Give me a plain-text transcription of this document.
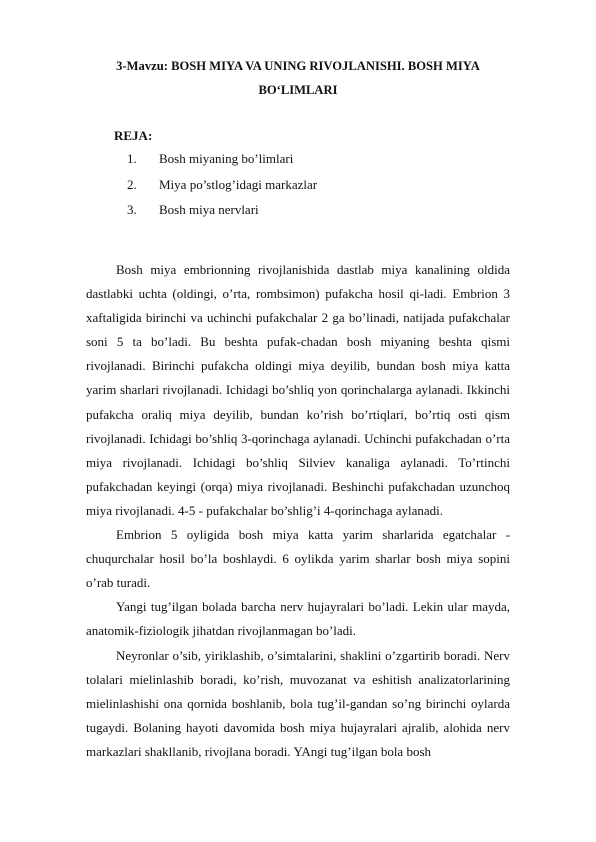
3-Mavzu: BOSH MIYA VA UNING RIVOJLANISHI. BOSH MIYA
BO‘LIMLARI
REJA:
1. Bosh miyaning bo’limlari
2. Miya po’stlog’idagi markazlar
3. Bosh miya nervlari

Bosh miya embrionning rivojlanishida dastlab miya kanalining oldida dastlabki uchta (oldingi, o’rta, rombsimon) pufakcha hosil qi-ladi. Embrion 3 xaftaligida birinchi va uchinchi pufakchalar 2 ga bo’linadi, natijada pufakchalar soni 5 ta bo’ladi. Bu beshta pufak-chadan bosh miyaning beshta qismi rivojlanadi. Birinchi pufakcha oldingi miya deyilib, bundan bosh miya katta yarim sharlari rivojlanadi. Ichidagi bo’shliq yon qorinchalarga aylanadi. Ikkinchi pufakcha oraliq miya deyilib, bundan ko’rish bo’rtiqlari, bo’rtiq osti qism rivojlanadi. Ichidagi bo’shliq 3-qorinchaga aylanadi. Uchinchi pufakchadan o’rta miya rivojlanadi. Ichidagi bo’shliq Silviev kanaliga aylanadi. To’rtinchi pufakchadan keyingi (orqa) miya rivojlanadi. Beshinchi pufakchadan uzunchoq miya rivojlanadi. 4-5 - pufakchalar bo’shlig’i 4-qorinchaga aylanadi.

Embrion 5 oyligida bosh miya katta yarim sharlarida egatchalar - chuqurchalar hosil bo’la boshlaydi. 6 oylikda yarim sharlar bosh miya sopini o’rab turadi.

Yangi tug’ilgan bolada barcha nerv hujayralari bo’ladi. Lekin ular mayda, anatomik-fiziologik jihatdan rivojlanmagan bo’ladi.

Neyronlar o’sib, yiriklashib, o’simtalarini, shaklini o’zgartirib boradi. Nerv tolalari mielinlashib boradi, ko’rish, muvozanat va eshitish analizatorlarining mielinlashishi ona qornida boshlanib, bola tug’il-gandan so’ng birinchi oylarda tugaydi. Bolaning hayoti davomida bosh miya hujayralari ajralib, alohida nerv markazlari shakllanib, rivojlana boradi. YAngi tug’ilgan bola bosh
